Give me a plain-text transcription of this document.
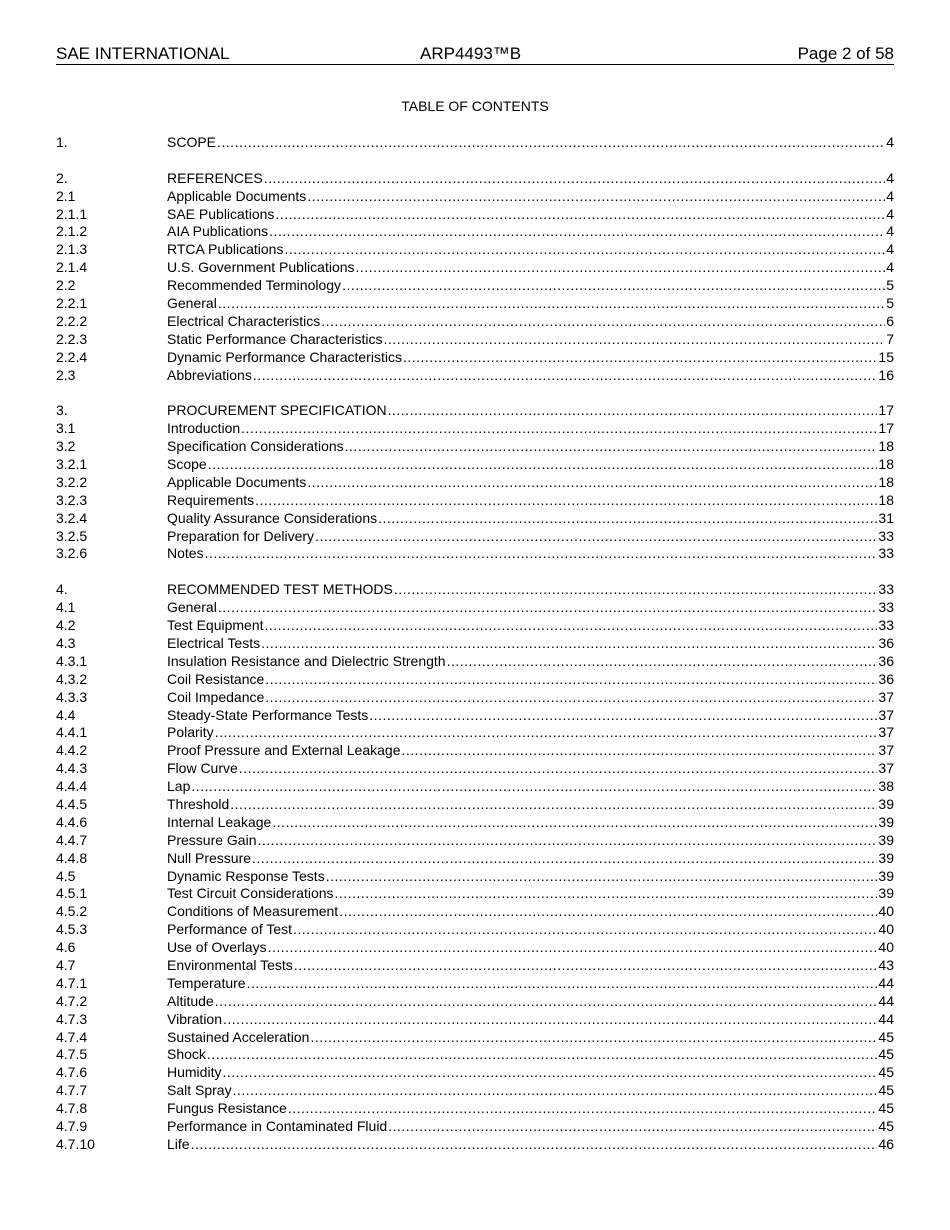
SAE INTERNATIONAL	ARP4493™B	Page 2 of 58
TABLE OF CONTENTS
1.	SCOPE .....	4
2.	REFERENCES .....	4
2.1	Applicable Documents .....	4
2.1.1	SAE Publications .....	4
2.1.2	AIA Publications .....	4
2.1.3	RTCA Publications .....	4
2.1.4	U.S. Government Publications .....	4
2.2	Recommended Terminology .....	5
2.2.1	General .....	5
2.2.2	Electrical Characteristics .....	6
2.2.3	Static Performance Characteristics .....	7
2.2.4	Dynamic Performance Characteristics .....	15
2.3	Abbreviations .....	16
3.	PROCUREMENT SPECIFICATION .....	17
3.1	Introduction .....	17
3.2	Specification Considerations .....	18
3.2.1	Scope .....	18
3.2.2	Applicable Documents .....	18
3.2.3	Requirements .....	18
3.2.4	Quality Assurance Considerations .....	31
3.2.5	Preparation for Delivery .....	33
3.2.6	Notes .....	33
4.	RECOMMENDED TEST METHODS .....	33
4.1	General .....	33
4.2	Test Equipment .....	33
4.3	Electrical Tests .....	36
4.3.1	Insulation Resistance and Dielectric Strength .....	36
4.3.2	Coil Resistance .....	36
4.3.3	Coil Impedance .....	37
4.4	Steady-State Performance Tests .....	37
4.4.1	Polarity .....	37
4.4.2	Proof Pressure and External Leakage .....	37
4.4.3	Flow Curve .....	37
4.4.4	Lap .....	38
4.4.5	Threshold .....	39
4.4.6	Internal Leakage .....	39
4.4.7	Pressure Gain .....	39
4.4.8	Null Pressure .....	39
4.5	Dynamic Response Tests .....	39
4.5.1	Test Circuit Considerations .....	39
4.5.2	Conditions of Measurement .....	40
4.5.3	Performance of Test .....	40
4.6	Use of Overlays .....	40
4.7	Environmental Tests .....	43
4.7.1	Temperature .....	44
4.7.2	Altitude .....	44
4.7.3	Vibration .....	44
4.7.4	Sustained Acceleration .....	45
4.7.5	Shock .....	45
4.7.6	Humidity .....	45
4.7.7	Salt Spray .....	45
4.7.8	Fungus Resistance .....	45
4.7.9	Performance in Contaminated Fluid .....	45
4.7.10	Life .....	46
